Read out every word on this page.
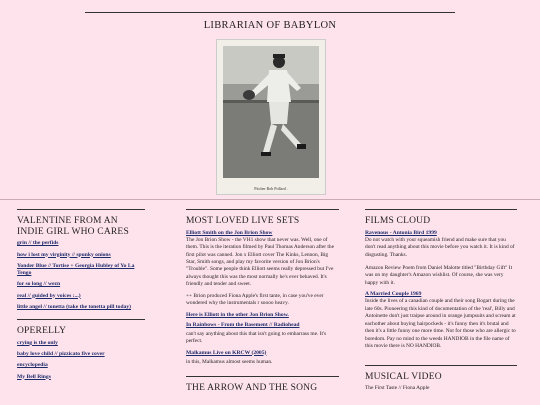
LIBRARIAN OF BABYLON
Pitcher Bob Pollard .
VALENTINE FROM AN INDIE GIRL WHO CARES
grin // the perfids
how i lost my virginity // spunky onions
Yonder Blue // Tortise + Georgia Hubley of Yo La Tengo
for so long // wezn
real // guided by voices :...)
little angel // tonetta (take the tonetta pill today)
OPERELLY
crying is the only
baby love child // pizzicato five cover
encyclopedia
My Bell Rings
MOST LOVED LIVE SETS
Elliott Smith on the Jon Brion Show

The Jon Brion Show - the VH1 show that never was. Well, one of them. This is the iteration filmed by Paul Thomas Anderson after the first pilot was canned. Jon x Elliott cover The Kinks, Lennon, Big Star, Smith songs, and play my favorite version of Jon Brion's "Trouble". Some people think Elliott seems really depressed but I've always thought this was the most normally he's ever behaved. It's friendly and tender and sweet.

++ Brion produced Fiona Apple's first tante, in case you've ever wondered why the instrumentals r soooo heavy.

Here is Elliott in the other Jon Brion Show.
In Rainbows - From the Basement // Radiohead

can't say anything about this that isn't going to embarrass me. It's perfect.

Malkamus Live on KRCW (2005)

in this, Malkamus almost seems human.

THE ARROW AND THE SONG
FILMS CLOUD
Ravenous - Antonia Bird 1999

Do not watch with your squeamish friend and make sure that you don't read anything about this movie before you watch it. It is kind of disgusting. Thanks.

Amazon Review Poem from Daniel Malotte titled "Birthday Gift" It was on my daughter's Amazon wishlist. Of course, she was very happy with it.

A Married Couple 1969

Inside the lives of a canadian couple and their song Bogart during the late 60s. Pioneering this kind of documentation of the 'real', Billy and Antoinette don't just traipse around in orange jumpsuits and scream at eachother about buying hairpockeds - it's funny then it's brutal and then it's a little funny one more time. Not for those who are allergic to boredom. Pay no mind to the weeds HANDIOB in the file name of this movie there is NO HANDIOB.

MUSICAL VIDEO

The First Taste // Fiona Apple
